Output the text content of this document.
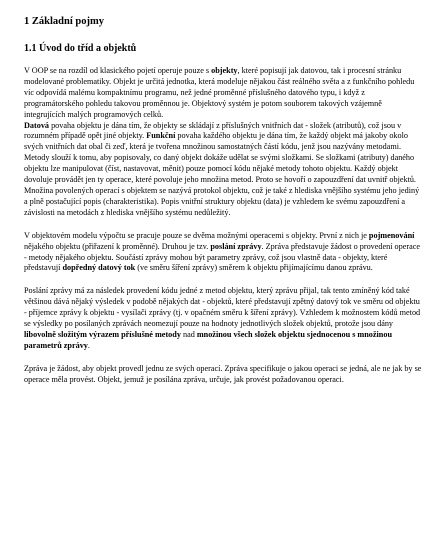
1 Základní pojmy

1.1 Úvod do tříd a objektů

V OOP se na rozdíl od klasického pojetí operuje pouze s objekty, které popisují jak datovou, tak i procesní stránku modelované problematiky. Objekt je určitá jednotka, která modeluje nějakou část reálného světa a z funkčního pohledu víc odpovídá malému kompaktnímu programu, než jedné proměnné příslušného datového typu, i když z programátorského pohledu takovou proměnnou je. Objektový systém je potom souborem takových vzájemně integrujících malých programových celků.
Datová povaha objektu je dána tím, že objekty se skládají z příslušných vnitřních dat - složek (atributů), což jsou v rozumném případě opět jiné objekty. Funkční povaha každého objektu je dána tím, že každý objekt má jakoby okolo svých vnitřních dat obal či zeď, která je tvořena množinou samostatných částí kódu, jenž jsou nazývány metodami.
Metody slouží k tomu, aby popisovaly, co daný objekt dokáže udělat se svými složkami. Se složkami (atributy) daného objektu lze manipulovat (číst, nastavovat, měnit) pouze pomocí kódu nějaké metody tohoto objektu. Každý objekt dovoluje provádět jen ty operace, které povoluje jeho množina metod. Proto se hovoří o zapouzdření dat uvnitř objektů.
Množina povolených operací s objektem se nazývá protokol objektu, což je také z hlediska vnějšího systému jeho jediný a plně postačující popis (charakteristika). Popis vnitřní struktury objektu (data) je vzhledem ke svému zapouzdření a závislosti na metodách z hlediska vnějšího systému nedůležitý.

V objektovém modelu výpočtu se pracuje pouze se dvěma možnými operacemi s objekty. První z nich je pojmenování nějakého objektu (přiřazení k proměnné). Druhou je tzv. poslání zprávy. Zpráva představuje žádost o provedení operace - metody nějakého objektu. Součástí zprávy mohou být parametry zprávy, což jsou vlastně data - objekty, které představují dopředný datový tok (ve směru šíření zprávy) směrem k objektu přijímajícímu danou zprávu.

Poslání zprávy má za následek provedení kódu jedné z metod objektu, který zprávu přijal, tak tento zmíněný kód také většinou dává nějaký výsledek v podobě nějakých dat - objektů, které představují zpětný datový tok ve směru od objektu - příjemce zprávy k objektu - vysílači zprávy (tj. v opačném směru k šíření zprávy). Vzhledem k možnostem kódů metod se výsledky po posílaných zprávách neomezují pouze na hodnoty jednotlivých složek objektů, protože jsou dány libovolně složitým výrazem příslušné metody nad množinou všech složek objektu sjednocenou s množinou parametrů zprávy.

Zpráva je žádost, aby objekt provedl jednu ze svých operací. Zpráva specifikuje o jakou operaci se jedná, ale ne jak by se operace měla provést. Objekt, jemuž je posílána zpráva, určuje, jak provést požadovanou operaci.
